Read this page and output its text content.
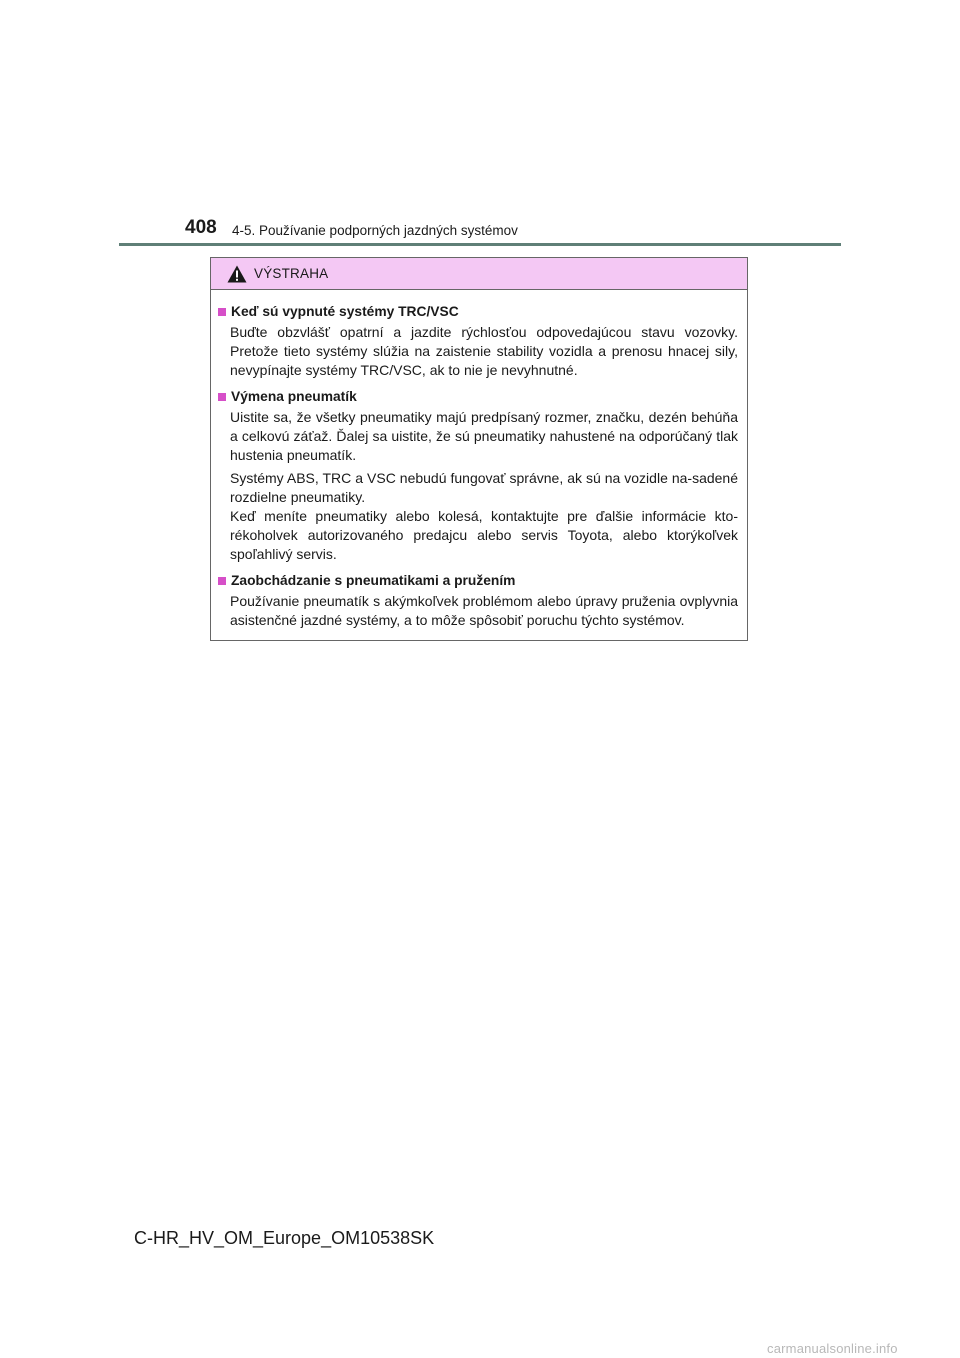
408 4-5. Používanie podporných jazdných systémov
VÝSTRAHA
Keď sú vypnuté systémy TRC/VSC
Buďte obzvlášť opatrní a jazdite rýchlosťou odpovedajúcou stavu vozovky. Pretože tieto systémy slúžia na zaistenie stability vozidla a prenosu hnacej sily, nevypínajte systémy TRC/VSC, ak to nie je nevyhnutné.
Výmena pneumatík
Uistite sa, že všetky pneumatiky majú predpísaný rozmer, značku, dezén behúňa a celkovú záťaž. Ďalej sa uistite, že sú pneumatiky nahustené na odporúčaný tlak hustenia pneumatík.
Systémy ABS, TRC a VSC nebudú fungovať správne, ak sú na vozidle na-sadené rozdielne pneumatiky.
Keď meníte pneumatiky alebo kolesá, kontaktujte pre ďalšie informácie kto-rékoholvek autorizovaného predajcu alebo servis Toyota, alebo ktorýkoľvek spoľahlivý servis.
Zaobchádzanie s pneumatikami a pružením
Používanie pneumatík s akýmkoľvek problémom alebo úpravy pruženia ovplyvnia asistenčné jazdné systémy, a to môže spôsobiť poruchu týchto systémov.
C-HR_HV_OM_Europe_OM10538SK
carmanualsonline.info
